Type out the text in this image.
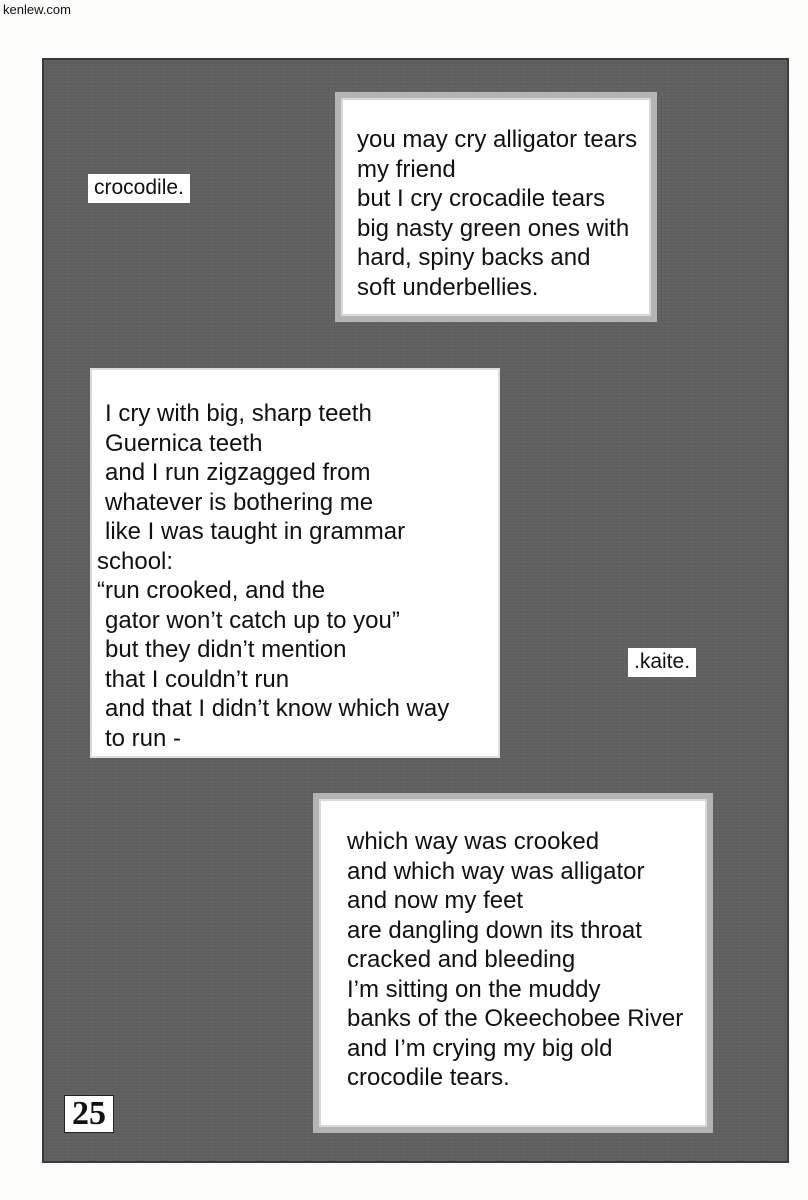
kenlew.com
crocodile.
you may cry alligator tears
my friend
but I cry crocadile tears
big nasty green ones with
hard, spiny backs and
soft underbellies.
I cry with big, sharp teeth
Guernica teeth
and I run zigzagged from
whatever is bothering me
like I was taught in grammar
school:
“run crooked, and the
gator won’t catch up to you”
but they didn’t mention
that I couldn’t run
and that I didn’t know which way
to run -
.kaite.
which way was crooked
and which way was alligator
and now my feet
are dangling down its throat
cracked and bleeding
I’m sitting on the muddy
banks of the Okeechobee River
and I’m crying my big old
crocodile tears.
25
